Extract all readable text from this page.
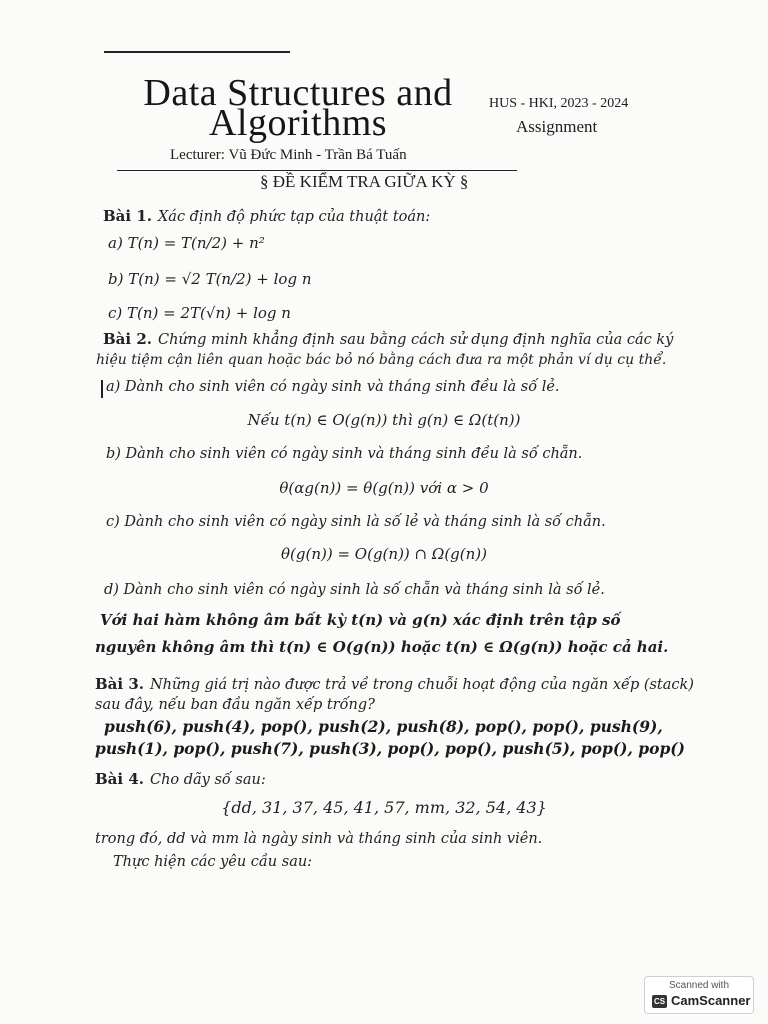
Data Structures and
Algorithms	HUS - HKI, 2023 - 2024
Assignment
Lecturer: Vũ Đức Minh - Trần Bá Tuấn
§ ĐỀ KIỂM TRA GIỮA KỲ §
Bài 1. Xác định độ phức tạp của thuật toán:
a) T(n) = T(n/2) + n²
b) T(n) = √2 T(n/2) + log n
c) T(n) = 2T(√n) + log n
Bài 2. Chứng minh khẳng định sau bằng cách sử dụng định nghĩa của các ký
hiệu tiệm cận liên quan hoặc bác bỏ nó bằng cách đưa ra một phản ví dụ cụ thể.
a) Dành cho sinh viên có ngày sinh và tháng sinh đều là số lẻ.
Nếu t(n) ∈ O(g(n)) thì g(n) ∈ Ω(t(n))
b) Dành cho sinh viên có ngày sinh và tháng sinh đều là số chẵn.
θ(αg(n)) = θ(g(n)) với α > 0
c) Dành cho sinh viên có ngày sinh là số lẻ và tháng sinh là số chẵn.
θ(g(n)) = O(g(n)) ∩ Ω(g(n))
d) Dành cho sinh viên có ngày sinh là số chẵn và tháng sinh là số lẻ.
Với hai hàm không âm bất kỳ t(n) và g(n) xác định trên tập số
nguyên không âm thì t(n) ∈ O(g(n)) hoặc t(n) ∈ Ω(g(n)) hoặc cả hai.
Bài 3. Những giá trị nào được trả về trong chuỗi hoạt động của ngăn xếp (stack)
sau đây, nếu ban đầu ngăn xếp trống?
push(6), push(4), pop(), push(2), push(8), pop(), pop(), push(9),
push(1), pop(), push(7), push(3), pop(), pop(), push(5), pop(), pop()
Bài 4. Cho dãy số sau:
{dd, 31, 37, 45, 41, 57, mm, 32, 54, 43}
trong đó, dd và mm là ngày sinh và tháng sinh của sinh viên.
Thực hiện các yêu cầu sau:
Scanned with
CS CamScanner
